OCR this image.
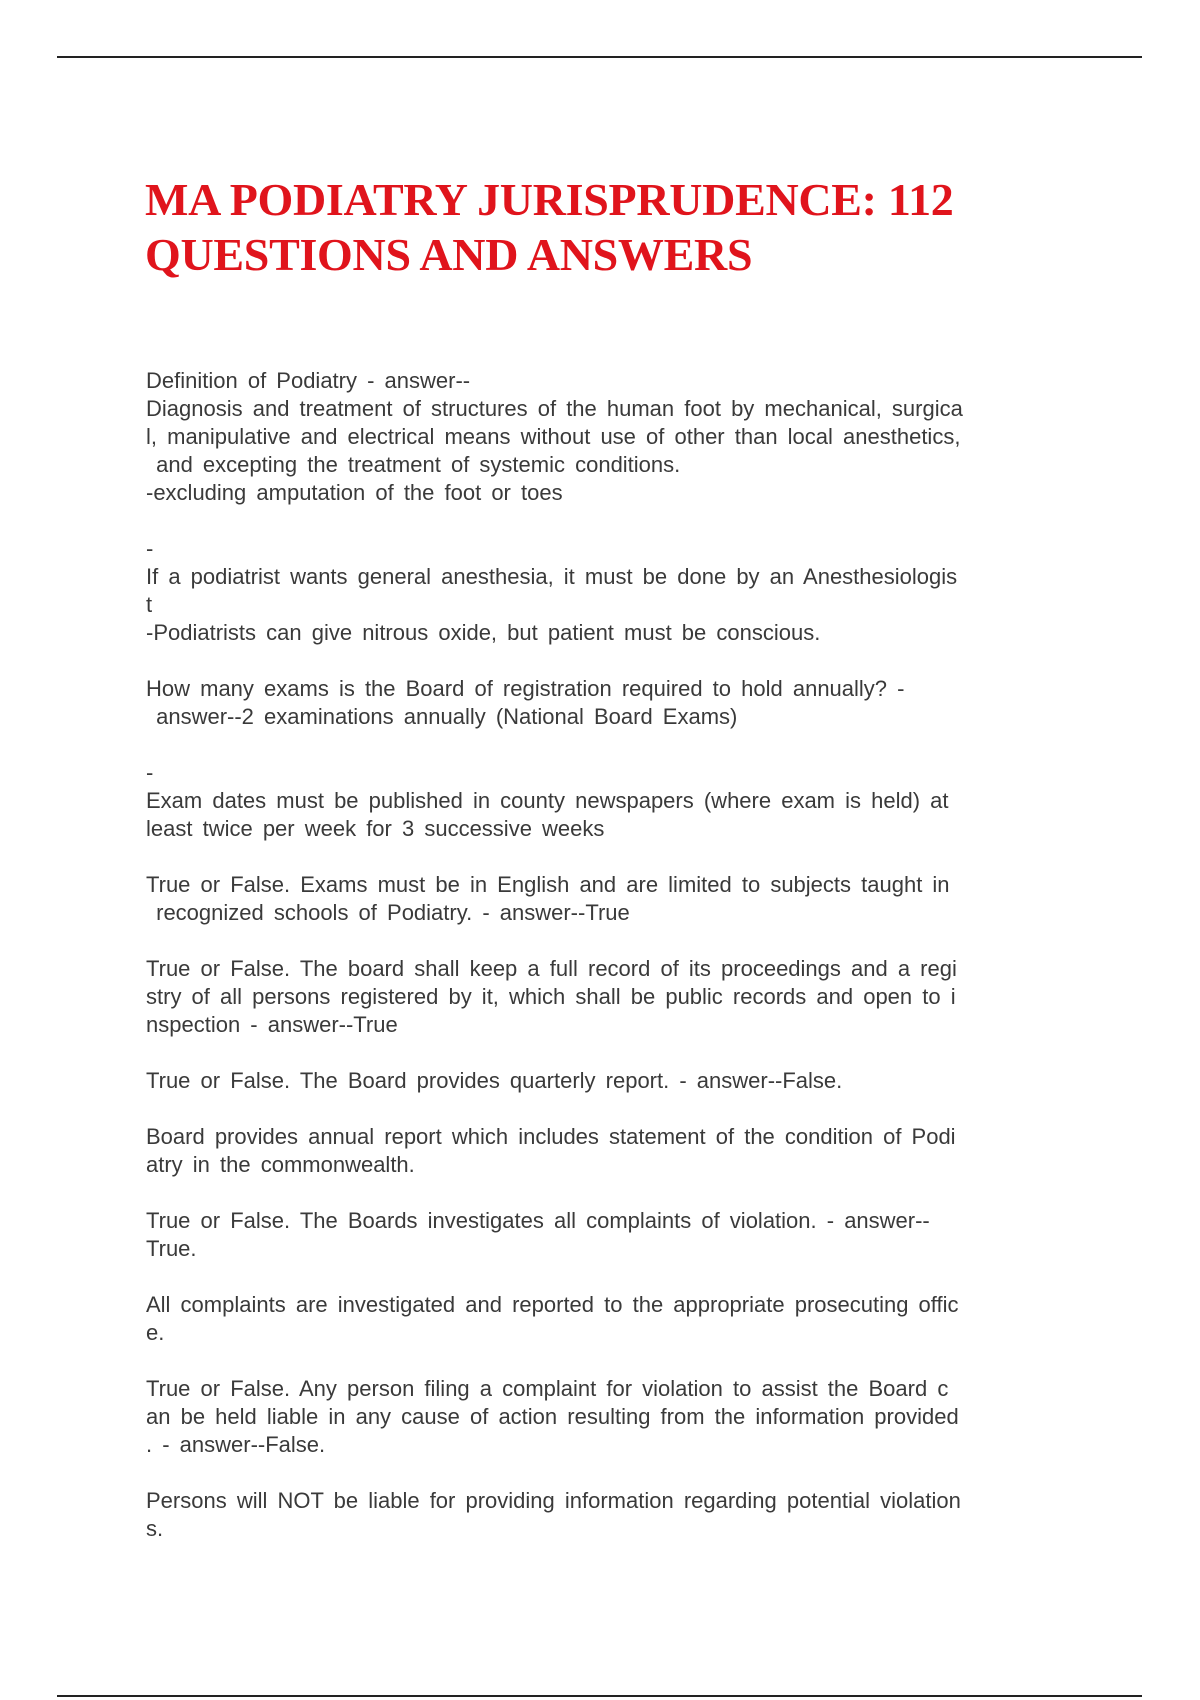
MA PODIATRY JURISPRUDENCE: 112
QUESTIONS AND ANSWERS
Definition of Podiatry - answer--
Diagnosis and treatment of structures of the human foot by mechanical, surgica
l, manipulative and electrical means without use of other than local anesthetics,
and excepting the treatment of systemic conditions.
-excluding amputation of the foot or toes
-
If a podiatrist wants general anesthesia, it must be done by an Anesthesiologis
t
-Podiatrists can give nitrous oxide, but patient must be conscious.
How many exams is the Board of registration required to hold annually? -
answer--2 examinations annually (National Board Exams)
-
Exam dates must be published in county newspapers (where exam is held) at
least twice per week for 3 successive weeks
True or False. Exams must be in English and are limited to subjects taught in
recognized schools of Podiatry. - answer--True
True or False. The board shall keep a full record of its proceedings and a regi
stry of all persons registered by it, which shall be public records and open to i
nspection - answer--True
True or False. The Board provides quarterly report. - answer--False.
Board provides annual report which includes statement of the condition of Podi
atry in the commonwealth.
True or False. The Boards investigates all complaints of violation. - answer--
True.
All complaints are investigated and reported to the appropriate prosecuting offic
e.
True or False. Any person filing a complaint for violation to assist the Board c
an be held liable in any cause of action resulting from the information provided
. - answer--False.
Persons will NOT be liable for providing information regarding potential violation
s.
